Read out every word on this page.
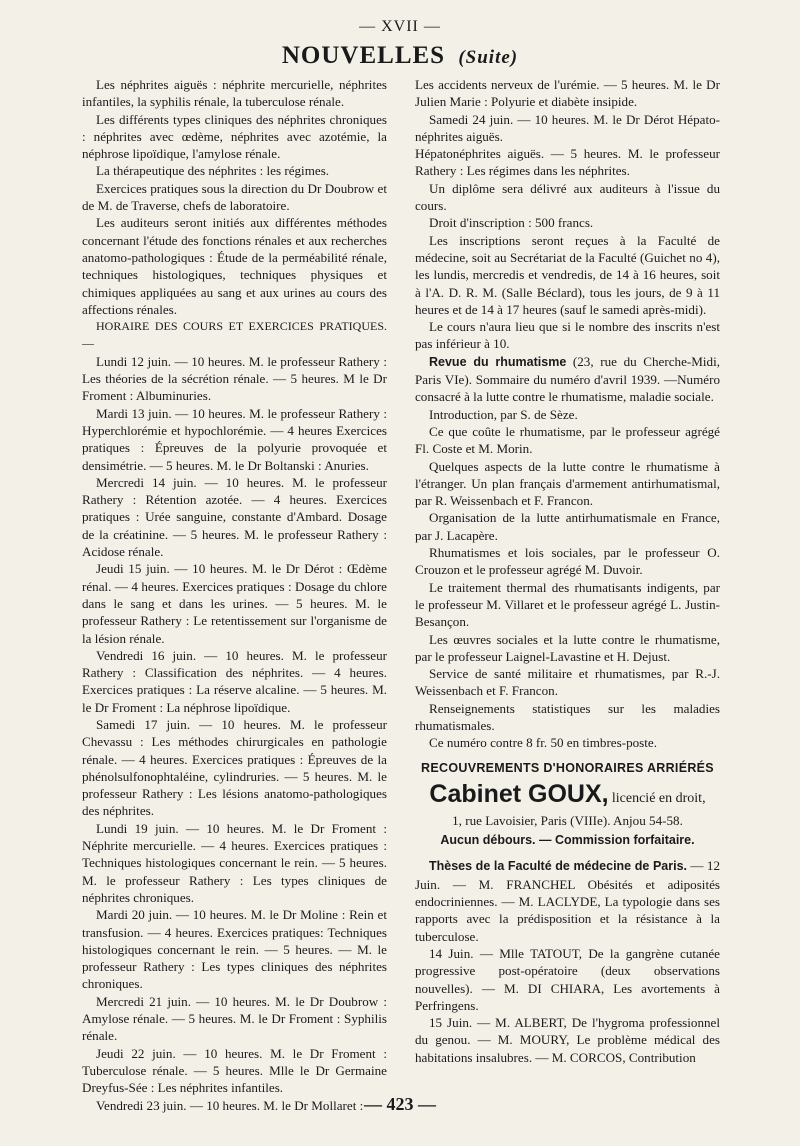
— XVII —
NOUVELLES (Suite)

Les néphrites aiguës : néphrite mercurielle, néphrites infantiles, la syphilis rénale, la tuberculose rénale.

Les différents types cliniques des néphrites chroniques : néphrites avec œdème, néphrites avec azotémie, la néphrose lipoïdique, l'amylose rénale.

La thérapeutique des néphrites : les régimes.

Exercices pratiques sous la direction du Dr Doubrow et de M. de Traverse, chefs de laboratoire.

Les auditeurs seront initiés aux différentes méthodes concernant l'étude des fonctions rénales et aux recherches anatomo-pathologiques : Étude de la perméabilité rénale, techniques histologiques, techniques physiques et chimiques appliquées au sang et aux urines au cours des affections rénales.

HORAIRE DES COURS ET EXERCICES PRATIQUES. —

Lundi 12 juin. — 10 heures. M. le professeur Rathery : Les théories de la sécrétion rénale. — 5 heures. M le Dr Froment : Albuminuries.

Mardi 13 juin. — 10 heures. M. le professeur Rathery : Hyperchlorémie et hypochlorémie. — 4 heures Exercices pratiques : Épreuves de la polyurie provoquée et densimétrie. — 5 heures. M. le Dr Boltanski : Anuries.

Mercredi 14 juin. — 10 heures. M. le professeur Rathery : Rétention azotée. — 4 heures. Exercices pratiques : Urée sanguine, constante d'Ambard. Dosage de la créatinine. — 5 heures. M. le professeur Rathery : Acidose rénale.

Jeudi 15 juin. — 10 heures. M. le Dr Dérot : Œdème rénal. — 4 heures. Exercices pratiques : Dosage du chlore dans le sang et dans les urines. — 5 heures. M. le professeur Rathery : Le retentissement sur l'organisme de la lésion rénale.

Vendredi 16 juin. — 10 heures. M. le professeur Rathery : Classification des néphrites. — 4 heures. Exercices pratiques : La réserve alcaline. — 5 heures. M. le Dr Froment : La néphrose lipoïdique.

Samedi 17 juin. — 10 heures. M. le professeur Chevassu : Les méthodes chirurgicales en pathologie rénale. — 4 heures. Exercices pratiques : Épreuves de la phénolsulfonophtaléine, cylindruries. — 5 heures. M. le professeur Rathery : Les lésions anatomo-pathologiques des néphrites.

Lundi 19 juin. — 10 heures. M. le Dr Froment : Néphrite mercurielle. — 4 heures. Exercices pratiques : Techniques histologiques concernant le rein. — 5 heures. M. le professeur Rathery : Les types cliniques de néphrites chroniques.

Mardi 20 juin. — 10 heures. M. le Dr Moline : Rein et transfusion. — 4 heures. Exercices pratiques: Techniques histologiques concernant le rein. — 5 heures. — M. le professeur Rathery : Les types cliniques des néphrites chroniques.

Mercredi 21 juin. — 10 heures. M. le Dr Doubrow : Amylose rénale. — 5 heures. M. le Dr Froment : Syphilis rénale.

Jeudi 22 juin. — 10 heures. M. le Dr Froment : Tuberculose rénale. — 5 heures. Mlle le Dr Germaine Dreyfus-Sée : Les néphrites infantiles.

Vendredi 23 juin. — 10 heures. M. le Dr Mollaret :

Les accidents nerveux de l'urémie. — 5 heures. M. le Dr Julien Marie : Polyurie et diabète insipide.

Samedi 24 juin. — 10 heures. M. le Dr Dérot Hépato-néphrites aiguës.

Hépatonéphrites aiguës. — 5 heures. M. le professeur Rathery : Les régimes dans les néphrites.

Un diplôme sera délivré aux auditeurs à l'issue du cours.

Droit d'inscription : 500 francs.

Les inscriptions seront reçues à la Faculté de médecine, soit au Secrétariat de la Faculté (Guichet no 4), les lundis, mercredis et vendredis, de 14 à 16 heures, soit à l'A. D. R. M. (Salle Béclard), tous les jours, de 9 à 11 heures et de 14 à 17 heures (sauf le samedi après-midi).

Le cours n'aura lieu que si le nombre des inscrits n'est pas inférieur à 10.

Revue du rhumatisme (23, rue du Cherche-Midi, Paris VIe). Sommaire du numéro d'avril 1939. —Numéro consacré à la lutte contre le rhumatisme, maladie sociale.

Introduction, par S. de Sèze.

Ce que coûte le rhumatisme, par le professeur agrégé Fl. Coste et M. Morin.

Quelques aspects de la lutte contre le rhumatisme à l'étranger. Un plan français d'armement antirhumatismal, par R. Weissenbach et F. Francon.

Organisation de la lutte antirhumatismale en France, par J. Lacapère.

Rhumatismes et lois sociales, par le professeur O. Crouzon et le professeur agrégé M. Duvoir.

Le traitement thermal des rhumatisants indigents, par le professeur M. Villaret et le professeur agrégé L. Justin-Besançon.

Les œuvres sociales et la lutte contre le rhumatisme, par le professeur Laignel-Lavastine et H. Dejust.

Service de santé militaire et rhumatismes, par R.-J. Weissenbach et F. Francon.

Renseignements statistiques sur les maladies rhumatismales.

Ce numéro contre 8 fr. 50 en timbres-poste.

RECOUVREMENTS D'HONORAIRES ARRIÉRÉS
Cabinet GOUX, licencié en droit,
1, rue Lavoisier, Paris (VIIIe). Anjou 54-58.
Aucun débours. — Commission forfaitaire.

Thèses de la Faculté de médecine de Paris. — 12 Juin. — M. FRANCHEL Obésités et adiposités endocriniennes. — M. LACLYDE, La typologie dans ses rapports avec la prédisposition et la résistance à la tuberculose.

14 Juin. — Mlle TATOUT, De la gangrène cutanée progressive post-opératoire (deux observations nouvelles). — M. DI CHIARA, Les avortements à Perfringens.

15 Juin. — M. ALBERT, De l'hygroma professionnel du genou. — M. MOURY, Le problème médical des habitations insalubres. — M. CORCOS, Contribution

— 423 —
